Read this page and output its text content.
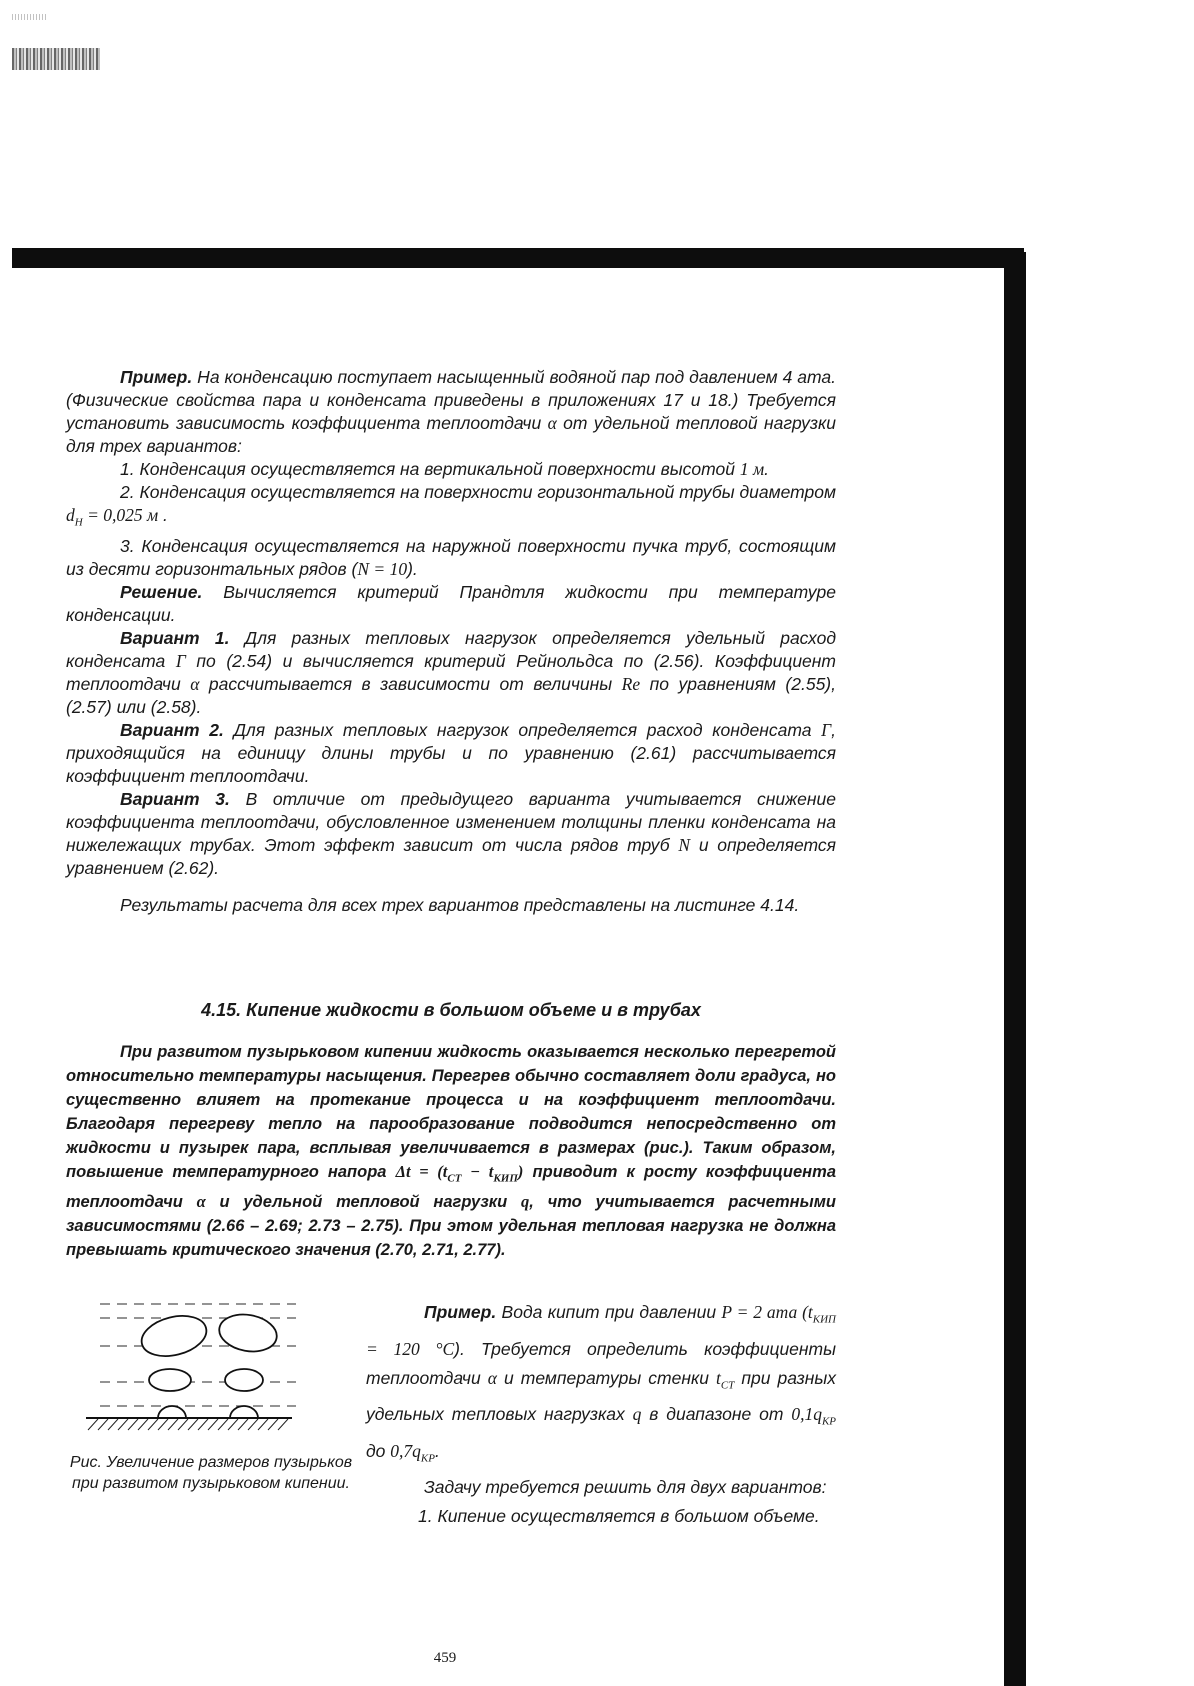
Пример. На конденсацию поступает насыщенный водяной пар под давлением 4 ата. (Физические свойства пара и конденсата приведены в приложениях 17 и 18.) Требуется установить зависимость коэффициента теплоотдачи α от удельной тепловой нагрузки для трех вариантов:

1. Конденсация осуществляется на вертикальной поверхности высотой 1 м.

2. Конденсация осуществляется на поверхности горизонтальной трубы диаметром $d_Н = 0,025$ м .

3. Конденсация осуществляется на наружной поверхности пучка труб, состоящим из десяти горизонтальных рядов (N = 10).

Решение. Вычисляется критерий Прандтля жидкости при температуре конденсации.

Вариант 1. Для разных тепловых нагрузок определяется удельный расход конденсата Г по (2.54) и вычисляется критерий Рейнольдса по (2.56). Коэффициент теплоотдачи α рассчитывается в зависимости от величины Re по уравнениям (2.55), (2.57) или (2.58).

Вариант 2. Для разных тепловых нагрузок определяется расход конденсата Г, приходящийся на единицу длины трубы и по уравнению (2.61) рассчитывается коэффициент теплоотдачи.

Вариант 3. В отличие от предыдущего варианта учитывается снижение коэффициента теплоотдачи, обусловленное изменением толщины пленки конденсата на нижележащих трубах. Этот эффект зависит от числа рядов труб N и определяется уравнением (2.62).

Результаты расчета для всех трех вариантов представлены на листинге 4.14.

4.15. Кипение жидкости в большом объеме и в трубах

При развитом пузырьковом кипении жидкость оказывается несколько перегретой относительно температуры насыщения. Перегрев обычно составляет доли градуса, но существенно влияет на протекание процесса и на коэффициент теплоотдачи. Благодаря перегреву тепло на парообразование подводится непосредственно от жидкости и пузырек пара, всплывая увеличивается в размерах (рис.). Таким образом, повышение температурного напора $\Delta t = (t_{СТ} - t_{КИП})$ приводит к росту коэффициента теплоотдачи α и удельной тепловой нагрузки q, что учитывается расчетными зависимостями (2.66 – 2.69; 2.73 – 2.75). При этом удельная тепловая нагрузка не должна превышать критического значения (2.70, 2.71, 2.77).

Рис. Увеличение размеров пузырьков при развитом пузырьковом кипении.

Пример. Вода кипит при давлении P = 2 ата ($t_{КИП} = 120$ °C). Требуется определить коэффициенты теплоотдачи α и температуры стенки $t_{СТ}$ при разных удельных тепловых нагрузках q в диапазоне от $0,1q_{КР}$ до $0,7q_{КР}$.

Задачу требуется решить для двух вариантов:

1. Кипение осуществляется в большом объеме.

459
